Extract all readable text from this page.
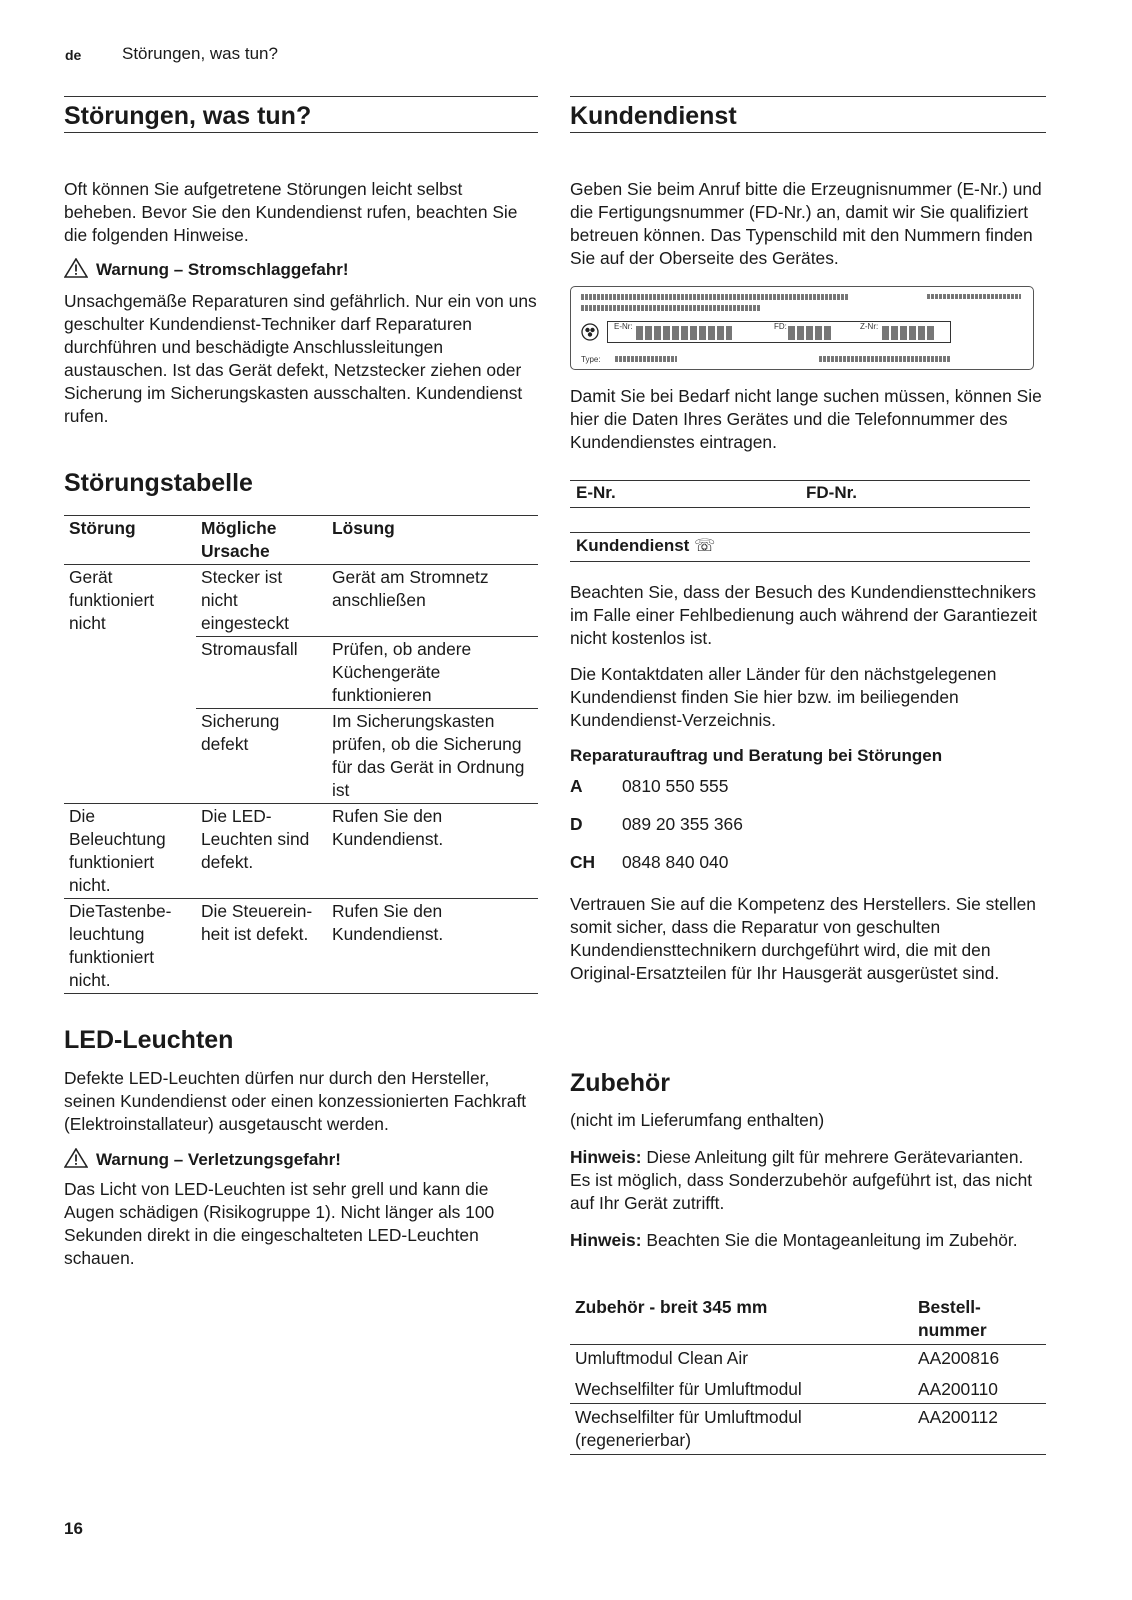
de Störungen, was tun?
Störungen, was tun?

Oft können Sie aufgetretene Störungen leicht selbst beheben. Bevor Sie den Kundendienst rufen, beachten Sie die folgenden Hinweise.

Warnung – Stromschlaggefahr!

Unsachgemäße Reparaturen sind gefährlich. Nur ein von uns geschulter Kundendienst-Techniker darf Reparaturen durchführen und beschädigte Anschlussleitungen austauschen. Ist das Gerät defekt, Netzstecker ziehen oder Sicherung im Sicherungskasten ausschalten. Kundendienst rufen.

Störungstabelle
Störung	Mögliche Ursache	Lösung
Gerät funktioniert nicht	Stecker ist nicht eingesteckt	Gerät am Stromnetz anschließen
	Stromausfall	Prüfen, ob andere Küchengeräte funktionieren
	Sicherung defekt	Im Sicherungskasten prüfen, ob die Sicherung für das Gerät in Ordnung ist
Die Beleuchtung funktioniert nicht.	Die LED-Leuchten sind defekt.	Rufen Sie den Kundendienst.
DieTastenbe-leuchtung funktioniert nicht.	Die Steuerein-heit ist defekt.	Rufen Sie den Kundendienst.
LED-Leuchten

Defekte LED-Leuchten dürfen nur durch den Hersteller, seinen Kundendienst oder einen konzessionierten Fachkraft (Elektroinstallateur) ausgetauscht werden.

Warnung – Verletzungsgefahr!

Das Licht von LED-Leuchten ist sehr grell und kann die Augen schädigen (Risikogruppe 1). Nicht länger als 100 Sekunden direkt in die eingeschalteten LED-Leuchten schauen.

Kundendienst

Geben Sie beim Anruf bitte die Erzeugnisnummer (E-Nr.) und die Fertigungsnummer (FD-Nr.) an, damit wir Sie qualifiziert betreuen können. Das Typenschild mit den Nummern finden Sie auf der Oberseite des Gerätes.

E-Nr:	FD:	Z-Nr:
Type:

Damit Sie bei Bedarf nicht lange suchen müssen, können Sie hier die Daten Ihres Gerätes und die Telefonnummer des Kundendienstes eintragen.

E-Nr.	FD-Nr.
Kundendienst ☏

Beachten Sie, dass der Besuch des Kundendiensttechnikers im Falle einer Fehlbedienung auch während der Garantiezeit nicht kostenlos ist.

Die Kontaktdaten aller Länder für den nächstgelegenen Kundendienst finden Sie hier bzw. im beiliegenden Kundendienst-Verzeichnis.

Reparaturauftrag und Beratung bei Störungen
A 0810 550 555
D 089 20 355 366
CH 0848 840 040

Vertrauen Sie auf die Kompetenz des Herstellers. Sie stellen somit sicher, dass die Reparatur von geschulten Kundendiensttechnikern durchgeführt wird, die mit den Original-Ersatzteilen für Ihr Hausgerät ausgerüstet sind.

Zubehör

(nicht im Lieferumfang enthalten)

Hinweis: Diese Anleitung gilt für mehrere Gerätevarianten. Es ist möglich, dass Sonderzubehör aufgeführt ist, das nicht auf Ihr Gerät zutrifft.

Hinweis: Beachten Sie die Montageanleitung im Zubehör.

Zubehör - breit 345 mm	Bestell-nummer
Umluftmodul Clean Air	AA200816
Wechselfilter für Umluftmodul	AA200110
Wechselfilter für Umluftmodul (regenerierbar)	AA200112
16
